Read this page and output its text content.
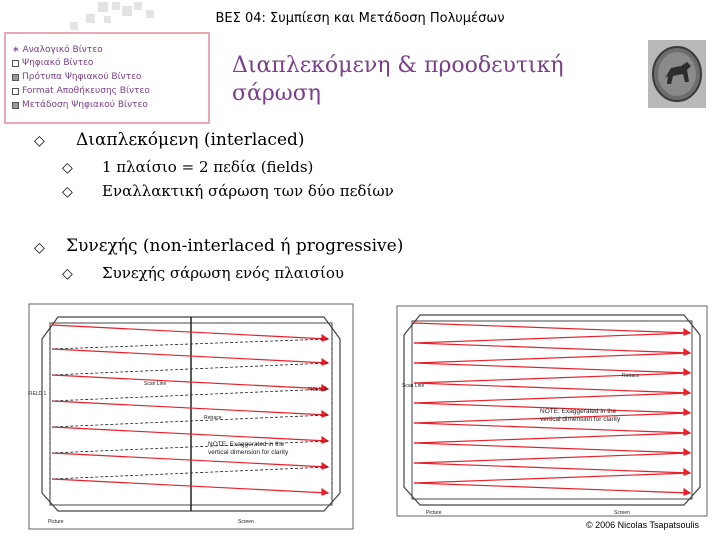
ΒΕΣ 04: Συμπίεση και Μετάδοση Πολυμέσων
∗ Αναλογικό Βίντεο
Ψηφιακό Βίντεο
Πρότυπα Ψηφιακού Βίντεο
Format Αποθήκευσης Βίντεο
Μετάδοση Ψηφιακού Βίντεο
Διαπλεκόμενη & προοδευτική
σάρωση
◇ Διαπλεκόμενη (interlaced)
◇ 1 πλαίσιο = 2 πεδία (fields)
◇ Εναλλακτική σάρωση των δύο πεδίων
◇ Συνεχής (non-interlaced ή progressive)
◇ Συνεχής σάρωση ενός πλαισίου
FIELD 1
FIELD 2
Scan Line
Retrace
NOTE: Exaggerated in the
vertical dimension for clarity
Picture	Screen
Retrace
Scan Line
NOTE: Exaggerated in the
vertical dimension for clarity
Picture	Screen
© 2006 Nicolas Tsapatsoulis
